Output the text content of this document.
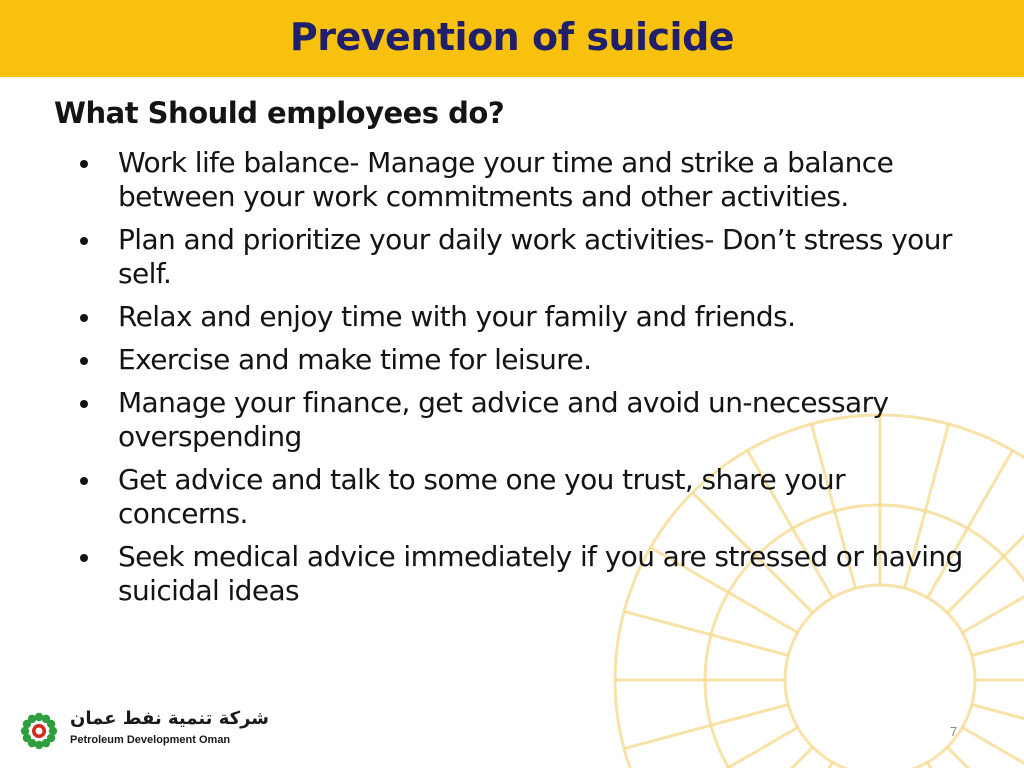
Prevention of suicide
What Should employees do?
Work life balance- Manage your time and strike a balance between your work commitments and other activities.
Plan and prioritize your daily work activities- Don’t stress your self.
Relax and enjoy time with your family and friends.
Exercise and make time for leisure.
Manage your finance, get advice and avoid un-necessary overspending
Get advice and talk to some one you trust, share your concerns.
Seek medical advice immediately if you are stressed or having suicidal ideas
شركة تنمية نفط عمان
Petroleum Development Oman
7
